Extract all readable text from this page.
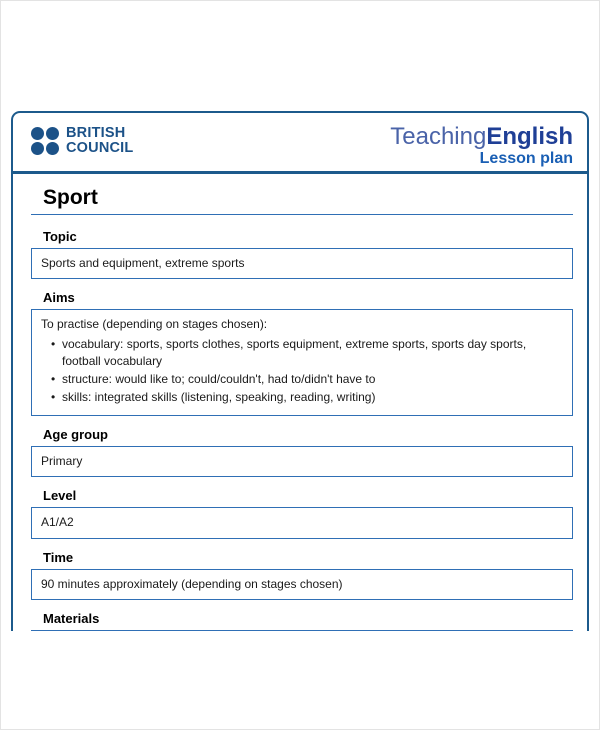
BRITISH
COUNCIL	TeachingEnglish
Lesson plan
Sport
Topic
Sports and equipment, extreme sports
Aims
To practise (depending on stages chosen):
• vocabulary: sports, sports clothes, sports equipment, extreme sports, sports day sports, football vocabulary
• structure: would like to; could/couldn't, had to/didn't have to
• skills: integrated skills (listening, speaking, reading, writing)
Age group
Primary
Level
A1/A2
Time
90 minutes approximately (depending on stages chosen)
Materials
